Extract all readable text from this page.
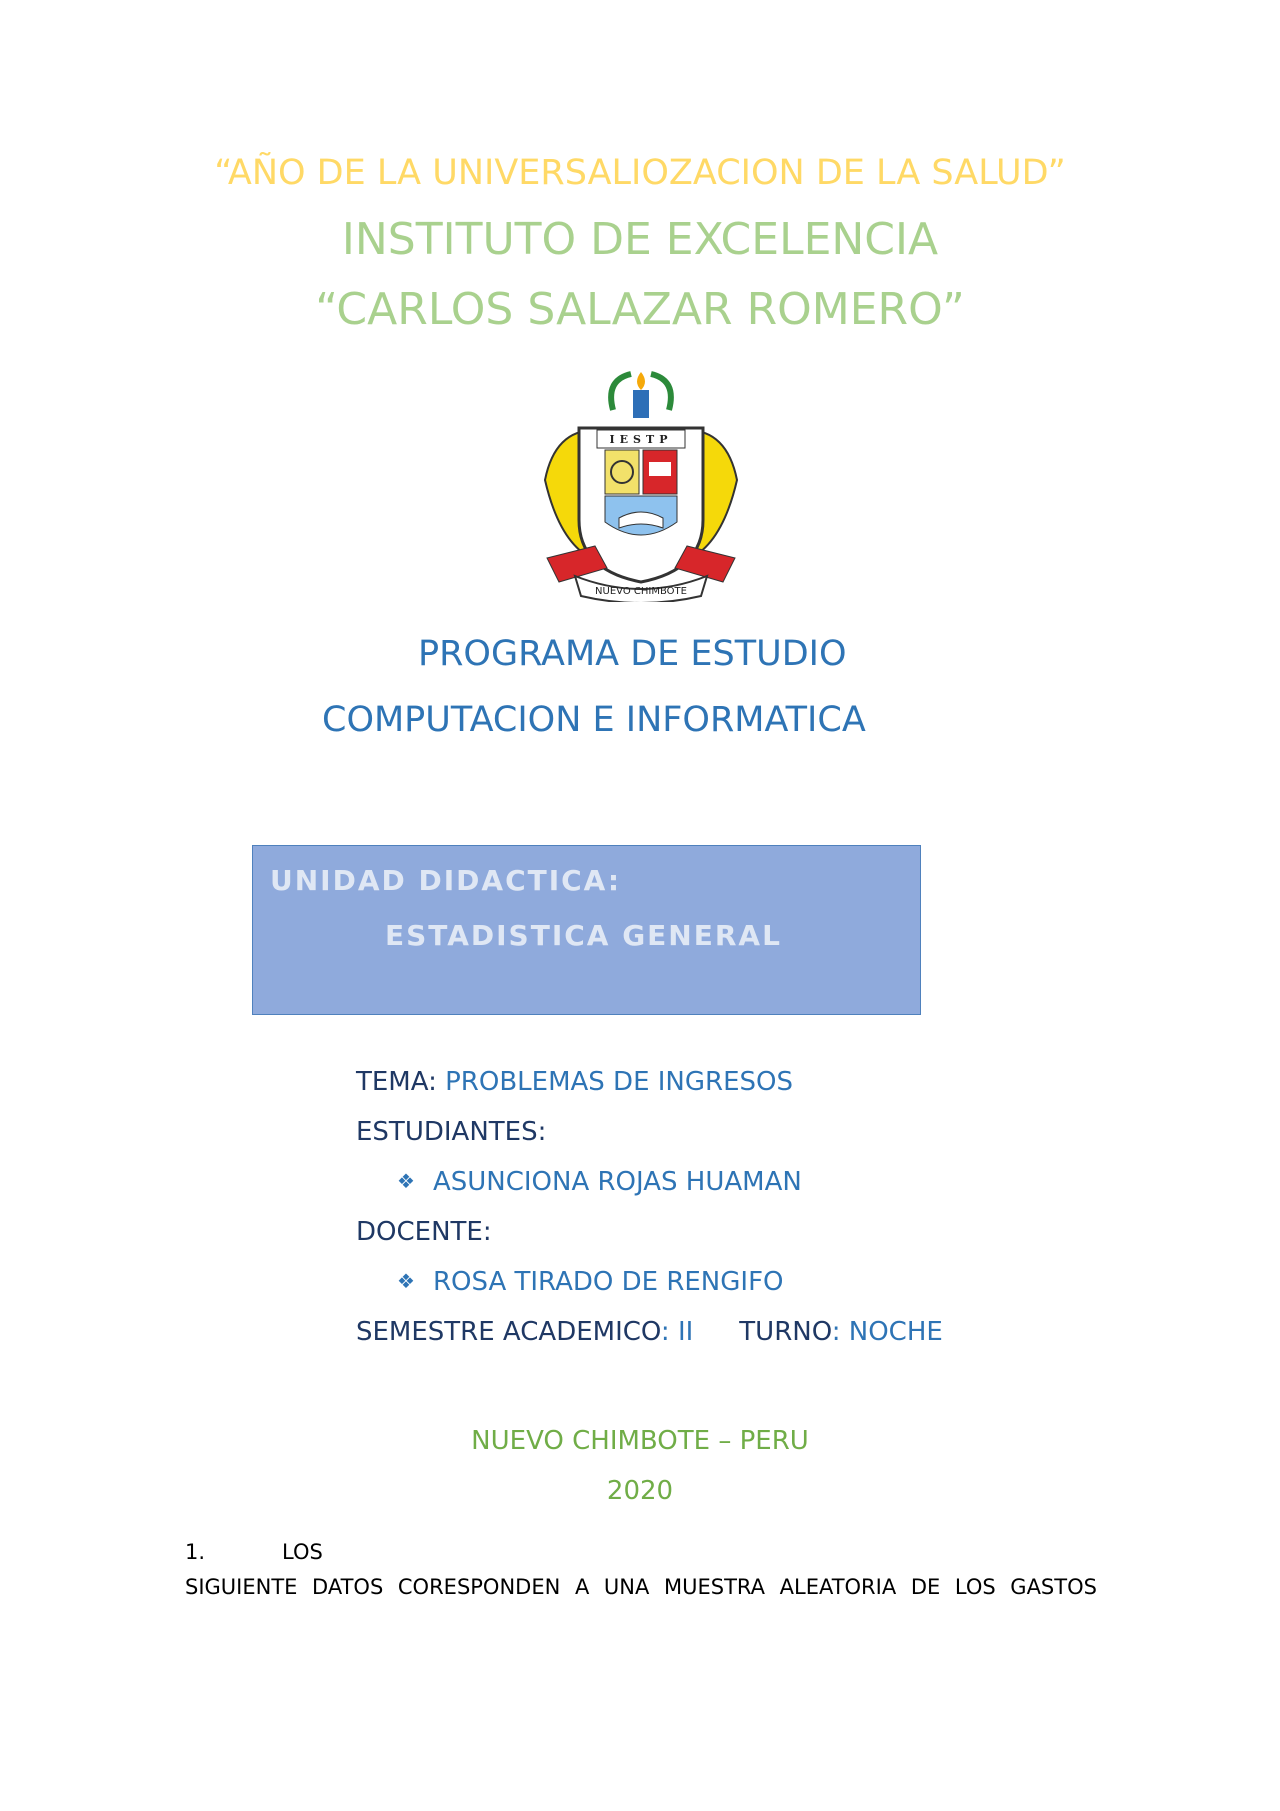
“AÑO DE LA UNIVERSALIOZACION DE LA SALUD”
INSTITUTO DE EXCELENCIA
“CARLOS SALAZAR ROMERO”
NUEVO CHIMBOTE
IESTP
PROGRAMA DE ESTUDIO
COMPUTACION E INFORMATICA
UNIDAD DIDACTICA:
ESTADISTICA GENERAL
TEMA: PROBLEMAS DE INGRESOS
ESTUDIANTES:
❖ ASUNCIONA ROJAS HUAMAN
DOCENTE:
❖ ROSA TIRADO DE RENGIFO
SEMESTRE ACADEMICO: II TURNO: NOCHE
NUEVO CHIMBOTE – PERU
2020
1.	LOS
SIGUIENTE DATOS CORESPONDEN A UNA MUESTRA ALEATORIA DE LOS GASTOS
